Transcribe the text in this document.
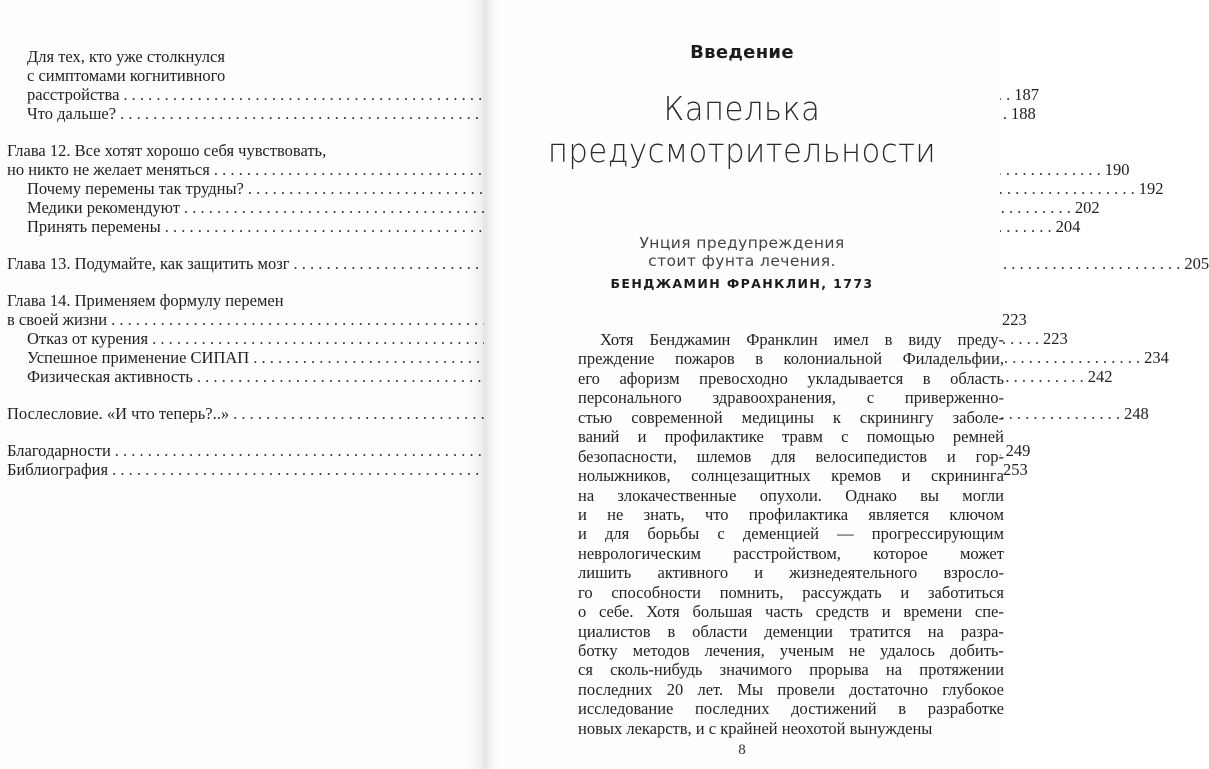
Для тех, кто уже столкнулся
с симптомами когнитивного
расстройства . . .	187
Что дальше? . . .	188
Глава 12. Все хотят хорошо себя чувствовать,
но никто не желает меняться . . .	190
Почему перемены так трудны? . . .	192
Медики рекомендуют . . .	202
Принять перемены . . .	204
Глава 13. Подумайте, как защитить мозг . . .	205
Глава 14. Применяем формулу перемен
в своей жизни . . .	223
Отказ от курения . . .	223
Успешное применение СИПАП . . .	234
Физическая активность . . .	242
Послесловие. «И что теперь?..» . . .	248
Благодарности . . .	249
Библиография . . .	253
Введение
Капелька
предусмотрительности
Унция предупреждения
стоит фунта лечения.
БЕНДЖАМИН ФРАНКЛИН, 1773
Хотя Бенджамин Франклин имел в виду преду-
преждение пожаров в колониальной Филадельфии,
его афоризм превосходно укладывается в область
персонального здравоохранения, с приверженно-
стью современной медицины к скринингу заболе-
ваний и профилактике травм с помощью ремней
безопасности, шлемов для велосипедистов и гор-
нолыжников, солнцезащитных кремов и скрининга
на злокачественные опухоли. Однако вы могли
и не знать, что профилактика является ключом
и для борьбы с деменцией — прогрессирующим
неврологическим расстройством, которое может
лишить активного и жизнедеятельного взросло-
го способности помнить, рассуждать и заботиться
о себе. Хотя большая часть средств и времени спе-
циалистов в области деменции тратится на разра-
ботку методов лечения, ученым не удалось добить-
ся сколь-нибудь значимого прорыва на протяжении
последних 20 лет. Мы провели достаточно глубокое
исследование последних достижений в разработке
новых лекарств, и с крайней неохотой вынуждены
8
